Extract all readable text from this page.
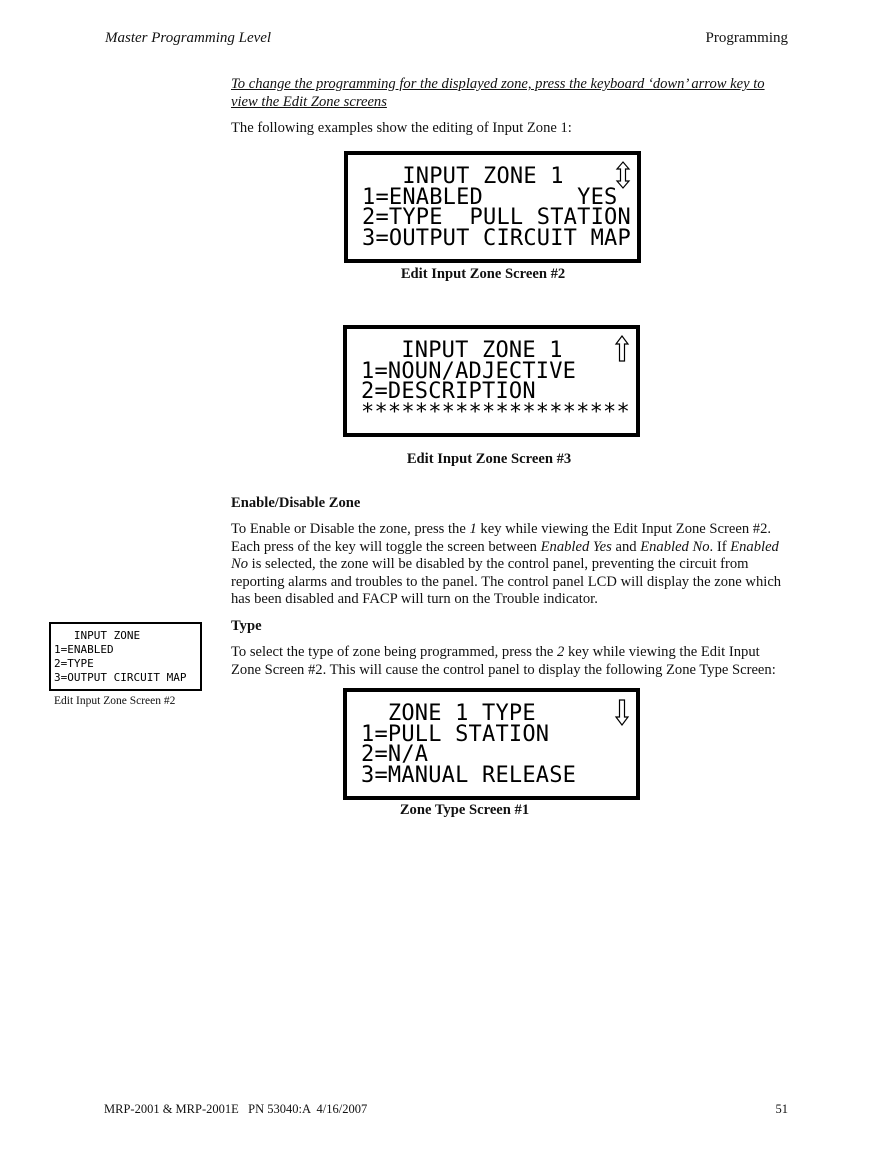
Master Programming Level	Programming
To change the programming for the displayed zone, press the keyboard ‘down’ arrow key to view the Edit Zone screens
The following examples show the editing of Input Zone 1:
INPUT ZONE 1
1=ENABLED       YES
2=TYPE  PULL STATION
3=OUTPUT CIRCUIT MAP
Edit Input Zone Screen #2
INPUT ZONE 1
1=NOUN/ADJECTIVE
2=DESCRIPTION
********************
Edit Input Zone Screen #3
Enable/Disable Zone
To Enable or Disable the zone, press the 1 key while viewing the Edit Input Zone Screen #2. Each press of the key will toggle the screen between Enabled Yes and Enabled No. If Enabled No is selected, the zone will be disabled by the control panel, preventing the circuit from reporting alarms and troubles to the panel. The control panel LCD will display the zone which has been disabled and FACP will turn on the Trouble indicator.
Type
To select the type of zone being programmed, press the 2 key while viewing the Edit Input Zone Screen #2. This will cause the control panel to display the following Zone Type Screen:
INPUT ZONE
1=ENABLED
2=TYPE
3=OUTPUT CIRCUIT MAP
Edit Input Zone Screen #2	ZONE 1 TYPE
1=PULL STATION
2=N/A
3=MANUAL RELEASE
Zone Type Screen #1
MRP-2001 & MRP-2001E   PN 53040:A  4/16/2007	51
